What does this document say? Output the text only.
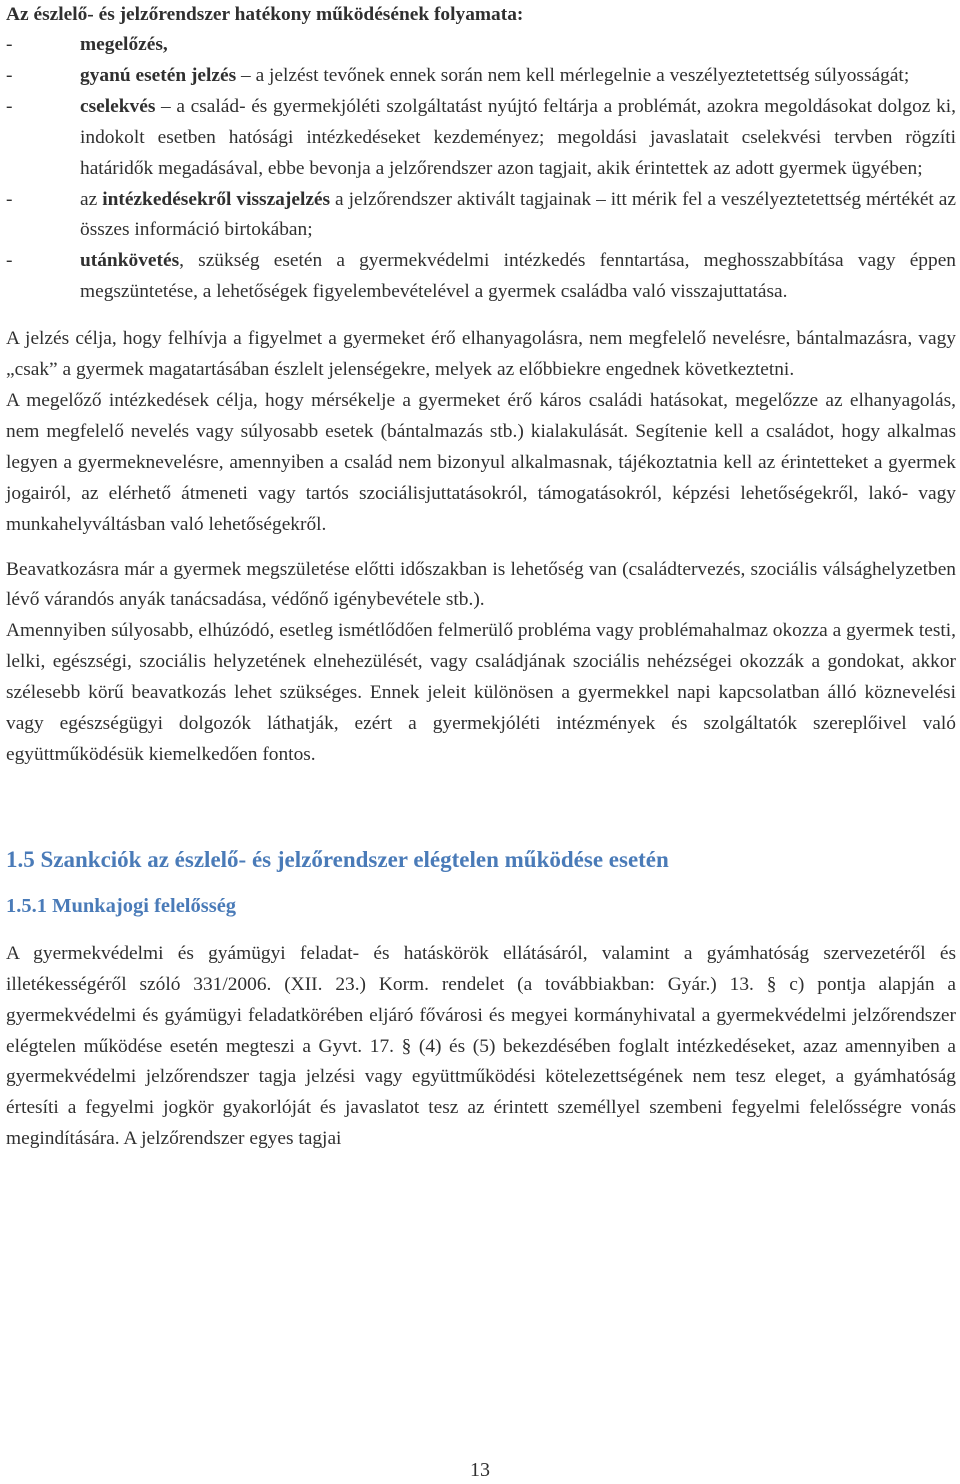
Az észlelő- és jelzőrendszer hatékony működésének folyamata:

-	megelőzés,
-	gyanú esetén jelzés – a jelzést tevőnek ennek során nem kell mérlegelnie a veszélyeztetettség súlyosságát;
-	cselekvés – a család- és gyermekjóléti szolgáltatást nyújtó feltárja a problémát, azokra megoldásokat dolgoz ki, indokolt esetben hatósági intézkedéseket kezdeményez; megoldási javaslatait cselekvési tervben rögzíti határidők megadásával, ebbe bevonja a jelzőrendszer azon tagjait, akik érintettek az adott gyermek ügyében;
-	az intézkedésekről visszajelzés a jelzőrendszer aktivált tagjainak – itt mérik fel a veszélyeztetettség mértékét az összes információ birtokában;
-	utánkövetés, szükség esetén a gyermekvédelmi intézkedés fenntartása, meghosszabbítása vagy éppen megszüntetése, a lehetőségek figyelembevételével a gyermek családba való visszajuttatása.

A jelzés célja, hogy felhívja a figyelmet a gyermeket érő elhanyagolásra, nem megfelelő nevelésre, bántalmazásra, vagy „csak” a gyermek magatartásában észlelt jelenségekre, melyek az előbbiekre engednek következtetni.

A megelőző intézkedések célja, hogy mérsékelje a gyermeket érő káros családi hatásokat, megelőzze az elhanyagolás, nem megfelelő nevelés vagy súlyosabb esetek (bántalmazás stb.) kialakulását. Segítenie kell a családot, hogy alkalmas legyen a gyermeknevelésre, amennyiben a család nem bizonyul alkalmasnak, tájékoztatnia kell az érintetteket a gyermek jogairól, az elérhető átmeneti vagy tartós szociálisjuttatásokról, támogatásokról, képzési lehetőségekről, lakó- vagy munkahelyváltásban való lehetőségekről.

Beavatkozásra már a gyermek megszületése előtti időszakban is lehetőség van (családtervezés, szociális válsághelyzetben lévő várandós anyák tanácsadása, védőnő igénybevétele stb.).

Amennyiben súlyosabb, elhúzódó, esetleg ismétlődően felmerülő probléma vagy problémahalmaz okozza a gyermek testi, lelki, egészségi, szociális helyzetének elnehezülését, vagy családjának szociális nehézségei okozzák a gondokat, akkor szélesebb körű beavatkozás lehet szükséges. Ennek jeleit különösen a gyermekkel napi kapcsolatban álló köznevelési vagy egészségügyi dolgozók láthatják, ezért a gyermekjóléti intézmények és szolgáltatók szereplőivel való együttműködésük kiemelkedően fontos.

1.5 Szankciók az észlelő- és jelzőrendszer elégtelen működése esetén
1.5.1 Munkajogi felelősség

A gyermekvédelmi és gyámügyi feladat- és hatáskörök ellátásáról, valamint a gyámhatóság szervezetéről és illetékességéről szóló 331/2006. (XII. 23.) Korm. rendelet (a továbbiakban: Gyár.) 13. § c) pontja alapján a gyermekvédelmi és gyámügyi feladatkörében eljáró fővárosi és megyei kormányhivatal a gyermekvédelmi jelzőrendszer elégtelen működése esetén megteszi a Gyvt. 17. § (4) és (5) bekezdésében foglalt intézkedéseket, azaz amennyiben a gyermekvédelmi jelzőrendszer tagja jelzési vagy együttműködési kötelezettségének nem tesz eleget, a gyámhatóság értesíti a fegyelmi jogkör gyakorlóját és javaslatot tesz az érintett személlyel szembeni fegyelmi felelősségre vonás megindítására. A jelzőrendszer egyes tagjai

13
